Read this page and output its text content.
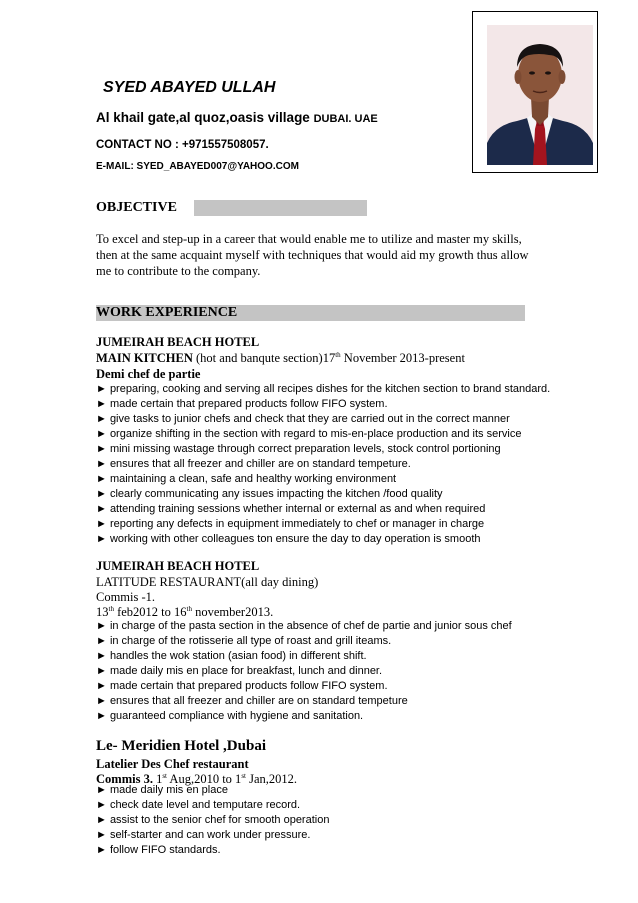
SYED ABAYED ULLAH
Al khail gate,al quoz,oasis village DUBAI. UAE
CONTACT NO : +971557508057.
E-MAIL: SYED_ABAYED007@YAHOO.COM
OBJECTIVE
To excel and step-up in a career that would enable me to utilize and master my skills, then at the same acquaint myself with techniques that would aid my growth thus allow me to contribute to the company.
WORK EXPERIENCE
JUMEIRAH BEACH HOTEL
MAIN KITCHEN (hot and banqute section)17th November 2013-present
Demi chef de partie
► preparing, cooking and serving all recipes dishes for the kitchen section to brand standard.
► made certain that prepared products follow FIFO system.
► give tasks to junior chefs and check that they are carried out in the correct manner
► organize shifting in the section with regard to mis-en-place production and its service
► mini missing wastage through correct preparation levels, stock control portioning
► ensures that all freezer and chiller are on standard tempeture.
► maintaining a clean, safe and healthy working environment
► clearly communicating any issues impacting the kitchen /food quality
► attending training sessions whether internal or external as and when required
► reporting any defects in equipment immediately to chef or manager in charge
► working with other colleagues ton ensure the day to day operation is smooth
JUMEIRAH BEACH HOTEL
LATITUDE RESTAURANT(all day dining)
Commis -1.
13th feb2012 to 16th november2013.
► in charge of the pasta section in the absence of chef de partie and junior sous chef
► in charge of the rotisserie all type of roast and grill iteams.
► handles the wok station (asian food) in different shift.
► made daily mis en place for breakfast, lunch and dinner.
► made certain that prepared products follow FIFO system.
► ensures that all freezer and chiller are on standard tempeture
► guaranteed compliance with hygiene and sanitation.
Le- Meridien Hotel ,Dubai
Latelier Des Chef restaurant
Commis 3. 1st Aug,2010 to 1st Jan,2012.
► made daily mis en place
► check date level and temputare record.
► assist to the senior chef for smooth operation
► self-starter and can work under pressure.
► follow FIFO standards.
